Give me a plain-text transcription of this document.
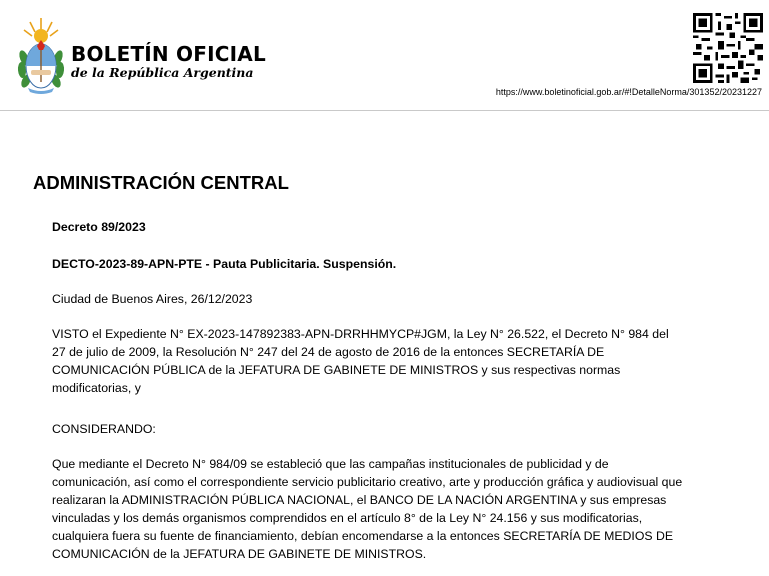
BOLETÍN OFICIAL
de la República Argentina
https://www.boletinoficial.gob.ar/#!DetalleNorma/301352/20231227
ADMINISTRACIÓN CENTRAL

Decreto 89/2023

DECTO-2023-89-APN-PTE - Pauta Publicitaria. Suspensión.

Ciudad de Buenos Aires, 26/12/2023

VISTO el Expediente N° EX-2023-147892383-APN-DRRHHMYCP#JGM, la Ley N° 26.522, el Decreto N° 984 del
27 de julio de 2009, la Resolución N° 247 del 24 de agosto de 2016 de la entonces SECRETARÍA DE
COMUNICACIÓN PÚBLICA de la JEFATURA DE GABINETE DE MINISTROS y sus respectivas normas
modificatorias, y

CONSIDERANDO:

Que mediante el Decreto N° 984/09 se estableció que las campañas institucionales de publicidad y de
comunicación, así como el correspondiente servicio publicitario creativo, arte y producción gráfica y audiovisual que
realizaran la ADMINISTRACIÓN PÚBLICA NACIONAL, el BANCO DE LA NACIÓN ARGENTINA y sus empresas
vinculadas y los demás organismos comprendidos en el artículo 8° de la Ley N° 24.156 y sus modificatorias,
cualquiera fuera su fuente de financiamiento, debían encomendarse a la entonces SECRETARÍA DE MEDIOS DE
COMUNICACIÓN de la JEFATURA DE GABINETE DE MINISTROS.
